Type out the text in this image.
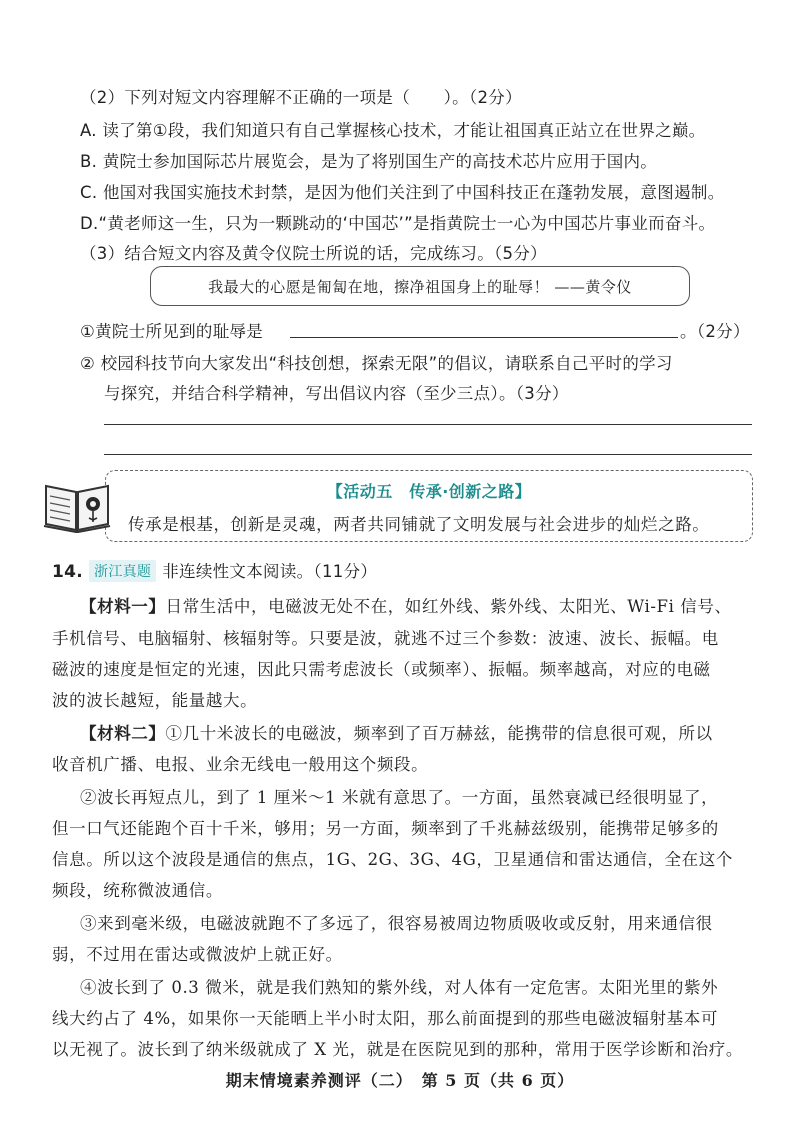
（2）下列对短文内容理解不正确的一项是（　　）。（2分）
A. 读了第①段，我们知道只有自己掌握核心技术，才能让祖国真正站立在世界之巅。
B. 黄院士参加国际芯片展览会，是为了将别国生产的高技术芯片应用于国内。
C. 他国对我国实施技术封禁，是因为他们关注到了中国科技正在蓬勃发展，意图遏制。
D.“黄老师这一生，只为一颗跳动的‘中国芯’”是指黄院士一心为中国芯片事业而奋斗。
（3）结合短文内容及黄令仪院士所说的话，完成练习。（5分）
我最大的心愿是匍匐在地，擦净祖国身上的耻辱！ ——黄令仪
①黄院士所见到的耻辱是	。（2分）
② 校园科技节向大家发出“科技创想，探索无限”的倡议，请联系自己平时的学习
与探究，并结合科学精神，写出倡议内容（至少三点）。（3分）
【活动五　传承·创新之路】
传承是根基，创新是灵魂，两者共同铺就了文明发展与社会进步的灿烂之路。
14. 浙江真题 非连续性文本阅读。（11分）
【材料一】日常生活中，电磁波无处不在，如红外线、紫外线、太阳光、Wi-Fi 信号、
手机信号、电脑辐射、核辐射等。只要是波，就逃不过三个参数：波速、波长、振幅。电
磁波的速度是恒定的光速，因此只需考虑波长（或频率）、振幅。频率越高，对应的电磁
波的波长越短，能量越大。
【材料二】①几十米波长的电磁波，频率到了百万赫兹，能携带的信息很可观，所以
收音机广播、电报、业余无线电一般用这个频段。
②波长再短点儿，到了 1 厘米～1 米就有意思了。一方面，虽然衰减已经很明显了，
但一口气还能跑个百十千米，够用；另一方面，频率到了千兆赫兹级别，能携带足够多的
信息。所以这个波段是通信的焦点，1G、2G、3G、4G，卫星通信和雷达通信，全在这个
频段，统称微波通信。
③来到毫米级，电磁波就跑不了多远了，很容易被周边物质吸收或反射，用来通信很
弱，不过用在雷达或微波炉上就正好。
④波长到了 0.3 微米，就是我们熟知的紫外线，对人体有一定危害。太阳光里的紫外
线大约占了 4%，如果你一天能晒上半小时太阳，那么前面提到的那些电磁波辐射基本可
以无视了。波长到了纳米级就成了 X 光，就是在医院见到的那种，常用于医学诊断和治疗。
期末情境素养测评（二）　第 5 页（共 6 页）
